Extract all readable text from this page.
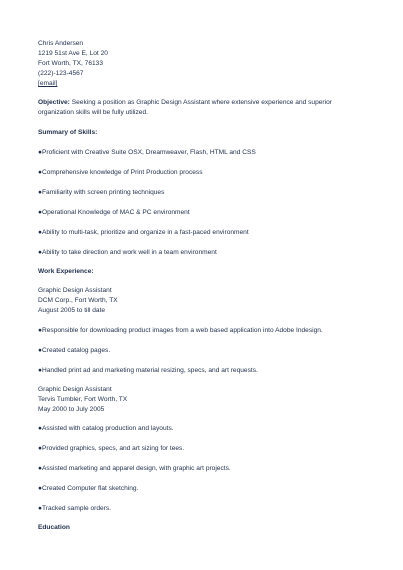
Chris Andersen
1219 51st Ave E, Lot 20
Fort Worth, TX, 76133
(222)-123-4567
[email]
Objective: Seeking a position as Graphic Design Assistant where extensive experience and superior organization skills will be fully utilized.
Summary of Skills:
●Proficient with Creative Suite OSX, Dreamweaver, Flash, HTML and CSS
●Comprehensive knowledge of Print Production process
●Familiarity with screen printing techniques
●Operational Knowledge of MAC & PC environment
●Ability to multi-task, prioritize and organize in a fast-paced environment
●Ability to take direction and work well in a team environment
Work Experience:
Graphic Design Assistant
DCM Corp., Fort Worth, TX
August 2005 to till date
●Responsible for downloading product images from a web based application into Adobe Indesign.
●Created catalog pages.
●Handled print ad and marketing material resizing, specs, and art requests.
Graphic Design Assistant
Tervis Tumbler, Fort Worth, TX
May 2000 to July 2005
●Assisted with catalog production and layouts.
●Provided graphics, specs, and art sizing for tees.
●Assisted marketing and apparel design, with graphic art projects.
●Created Computer flat sketching.
●Tracked sample orders.
Education
